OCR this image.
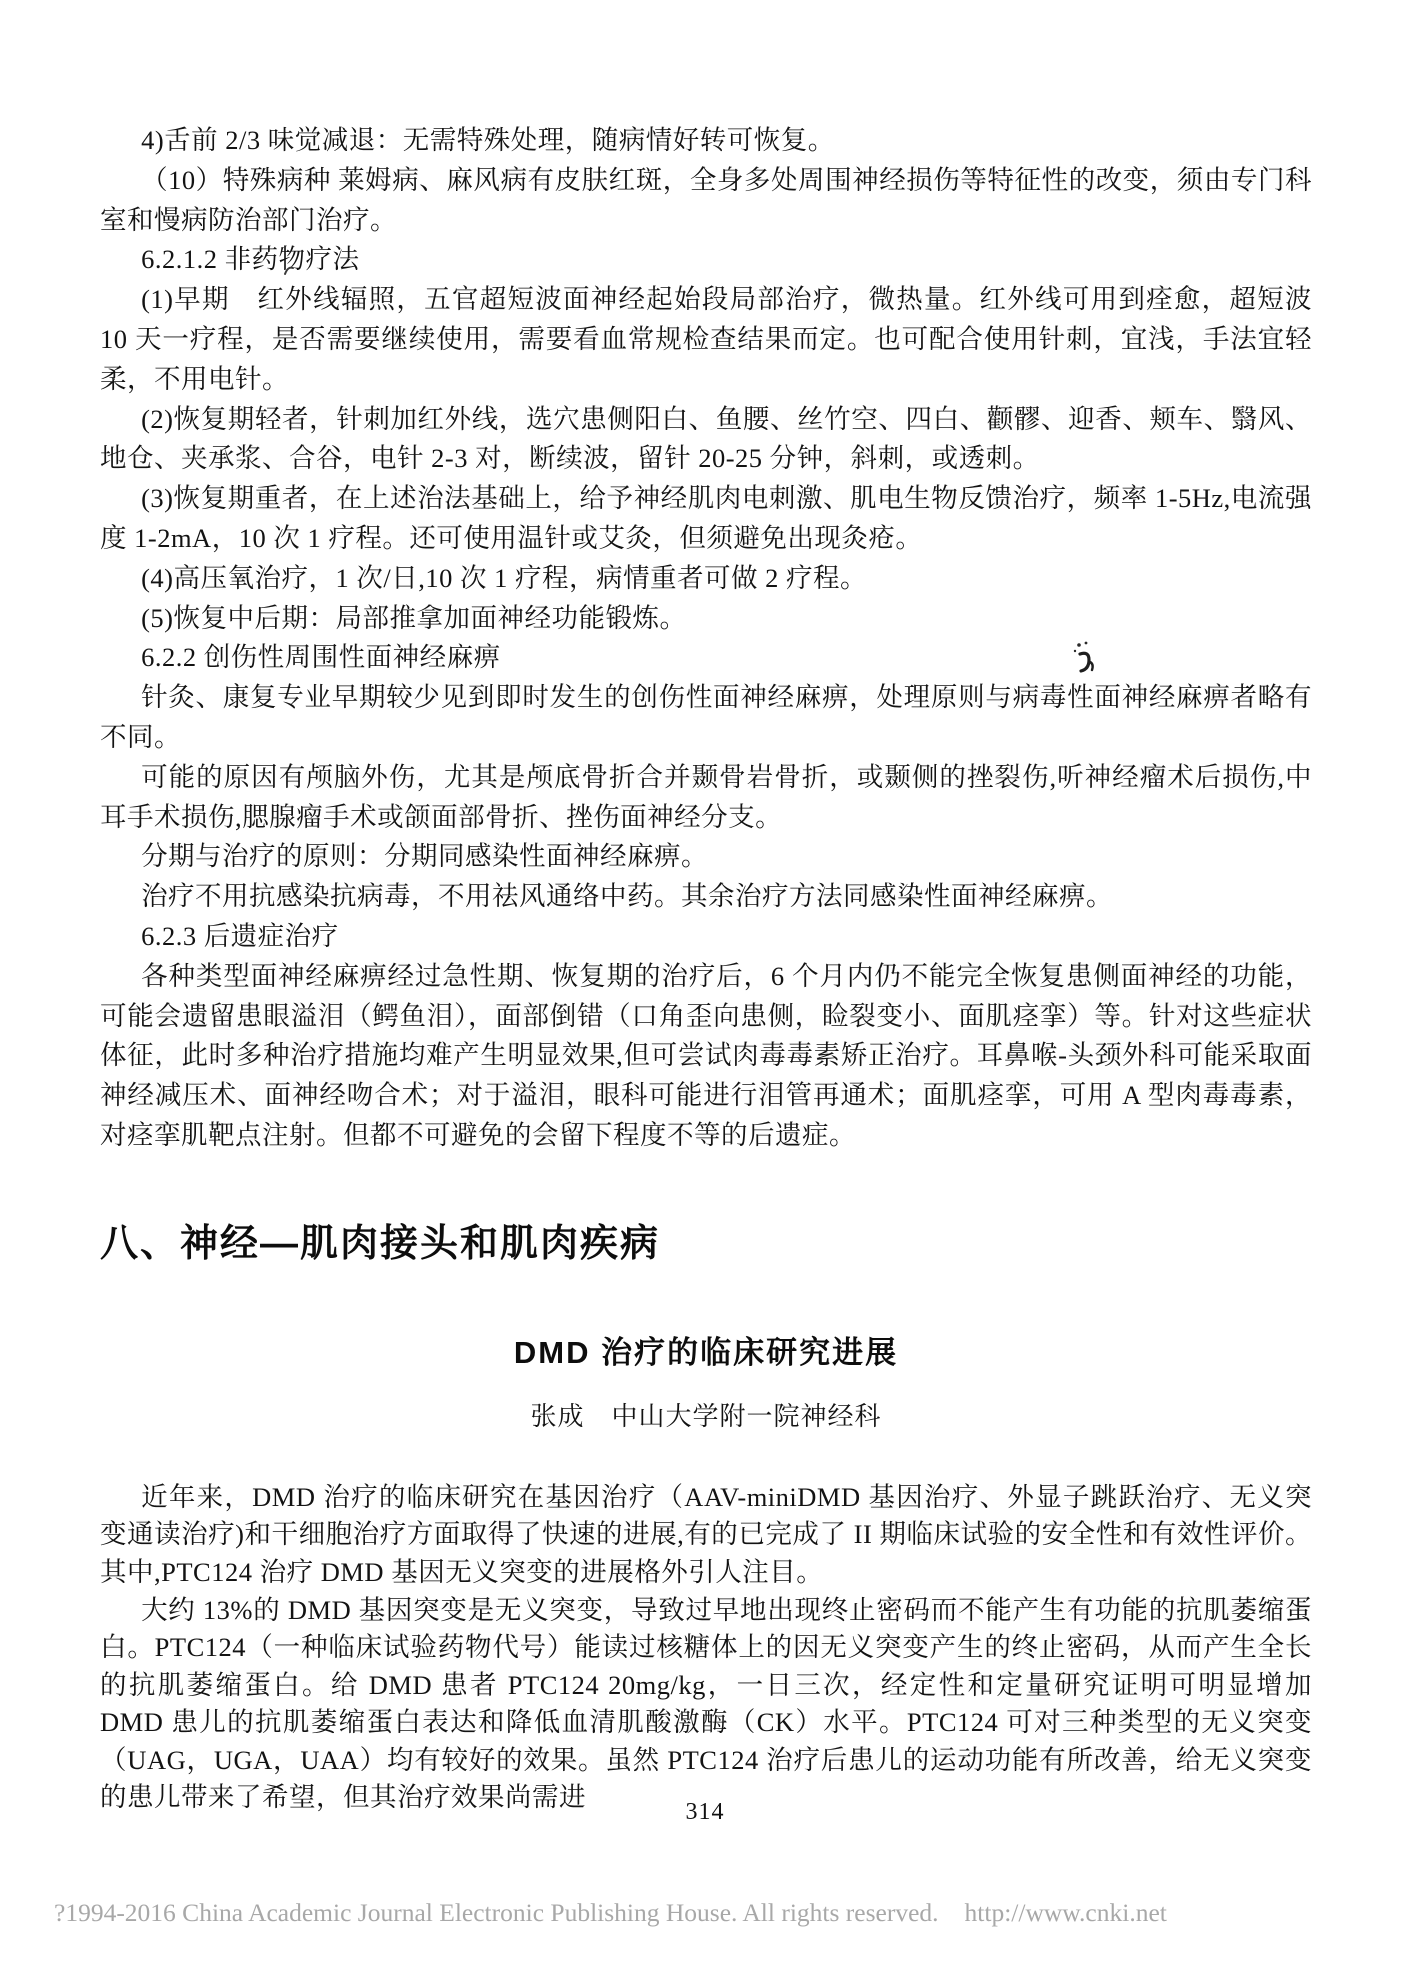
4)舌前 2/3 味觉减退：无需特殊处理，随病情好转可恢复。

（10）特殊病种 莱姆病、麻风病有皮肤红斑，全身多处周围神经损伤等特征性的改变，须由专门科室和慢病防治部门治疗。

6.2.1.2 非药物疗法

(1)早期　红外线辐照，五官超短波面神经起始段局部治疗，微热量。红外线可用到痊愈，超短波 10 天一疗程，是否需要继续使用，需要看血常规检查结果而定。也可配合使用针刺，宜浅，手法宜轻柔，不用电针。

(2)恢复期轻者，针刺加红外线，选穴患侧阳白、鱼腰、丝竹空、四白、颧髎、迎香、颊车、翳风、地仓、夹承浆、合谷，电针 2-3 对，断续波，留针 20-25 分钟，斜刺，或透刺。

(3)恢复期重者，在上述治法基础上，给予神经肌肉电刺激、肌电生物反馈治疗，频率 1-5Hz,电流强度 1-2mA，10 次 1 疗程。还可使用温针或艾灸，但须避免出现灸疮。

(4)高压氧治疗，1 次/日,10 次 1 疗程，病情重者可做 2 疗程。

(5)恢复中后期：局部推拿加面神经功能锻炼。

6.2.2 创伤性周围性面神经麻痹

针灸、康复专业早期较少见到即时发生的创伤性面神经麻痹，处理原则与病毒性面神经麻痹者略有不同。

可能的原因有颅脑外伤，尤其是颅底骨折合并颞骨岩骨折，或颞侧的挫裂伤,听神经瘤术后损伤,中耳手术损伤,腮腺瘤手术或颌面部骨折、挫伤面神经分支。

分期与治疗的原则：分期同感染性面神经麻痹。

治疗不用抗感染抗病毒，不用祛风通络中药。其余治疗方法同感染性面神经麻痹。

6.2.3 后遗症治疗

各种类型面神经麻痹经过急性期、恢复期的治疗后，6 个月内仍不能完全恢复患侧面神经的功能，可能会遗留患眼溢泪（鳄鱼泪），面部倒错（口角歪向患侧，睑裂变小、面肌痉挛）等。针对这些症状体征，此时多种治疗措施均难产生明显效果,但可尝试肉毒毒素矫正治疗。耳鼻喉-头颈外科可能采取面神经减压术、面神经吻合术；对于溢泪，眼科可能进行泪管再通术；面肌痉挛，可用 A 型肉毒毒素，对痉挛肌靶点注射。但都不可避免的会留下程度不等的后遗症。

八、神经—肌肉接头和肌肉疾病
DMD 治疗的临床研究进展
张成　中山大学附一院神经科

近年来，DMD 治疗的临床研究在基因治疗（AAV-miniDMD 基因治疗、外显子跳跃治疗、无义突变通读治疗)和干细胞治疗方面取得了快速的进展,有的已完成了 II 期临床试验的安全性和有效性评价。其中,PTC124 治疗 DMD 基因无义突变的进展格外引人注目。

大约 13%的 DMD 基因突变是无义突变，导致过早地出现终止密码而不能产生有功能的抗肌萎缩蛋白。PTC124（一种临床试验药物代号）能读过核糖体上的因无义突变产生的终止密码，从而产生全长的抗肌萎缩蛋白。给 DMD 患者 PTC124 20mg/kg，一日三次，经定性和定量研究证明可明显增加 DMD 患儿的抗肌萎缩蛋白表达和降低血清肌酸激酶（CK）水平。PTC124 可对三种类型的无义突变（UAG，UGA，UAA）均有较好的效果。虽然 PTC124 治疗后患儿的运动功能有所改善，给无义突变的患儿带来了希望，但其治疗效果尚需进	314
?1994-2016 China Academic Journal Electronic Publishing House. All rights reserved. http://www.cnki.net
